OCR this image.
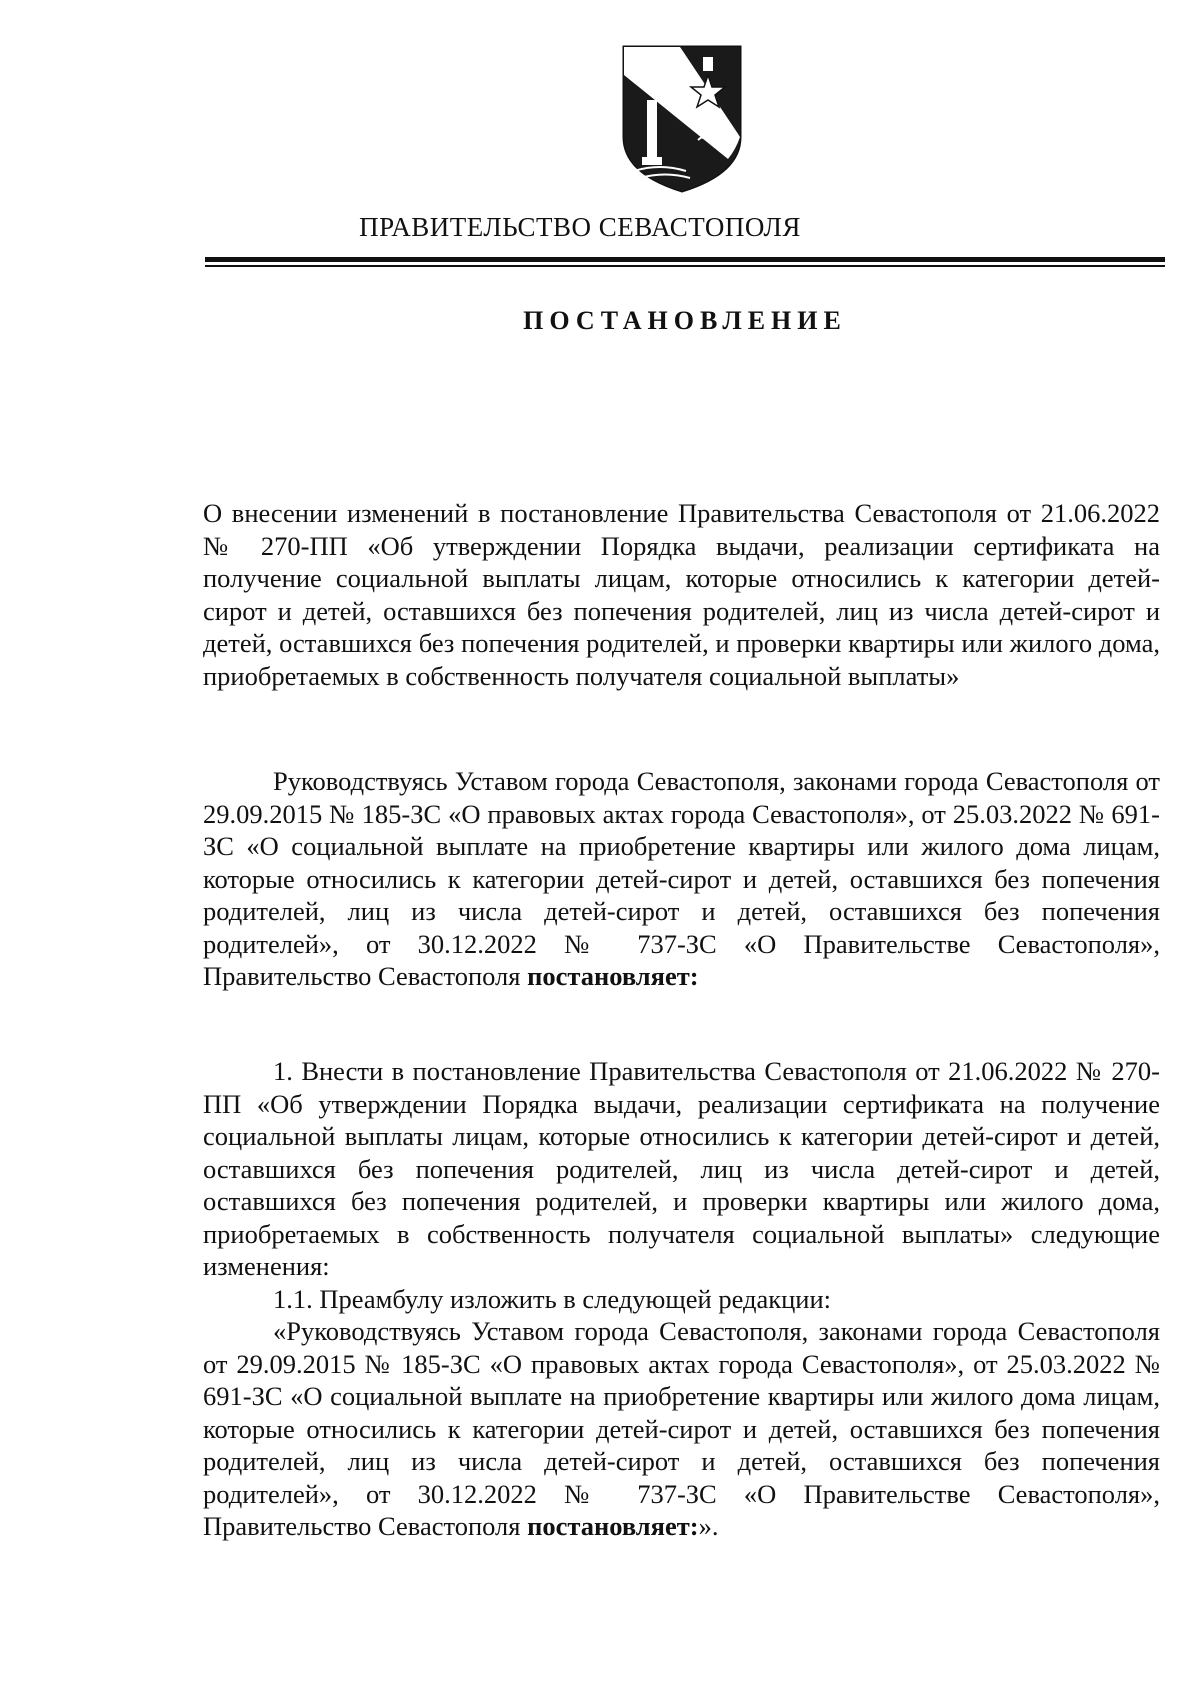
ПРАВИТЕЛЬСТВО СЕВАСТОПОЛЯ
ПОСТАНОВЛЕНИЕ

О внесении изменений в постановление Правительства Севастополя от 21.06.2022 № 270-ПП «Об утверждении Порядка выдачи, реализации сертификата на получение социальной выплаты лицам, которые относились к категории детей-сирот и детей, оставшихся без попечения родителей, лиц из числа детей-сирот и детей, оставшихся без попечения родителей, и проверки квартиры или жилого дома, приобретаемых в собственность получателя социальной выплаты»

Руководствуясь Уставом города Севастополя, законами города Севастополя от 29.09.2015 № 185-ЗС «О правовых актах города Севастополя», от 25.03.2022 № 691-ЗС «О социальной выплате на приобретение квартиры или жилого дома лицам, которые относились к категории детей-сирот и детей, оставшихся без попечения родителей, лиц из числа детей-сирот и детей, оставшихся без попечения родителей», от 30.12.2022 № 737-ЗС «О Правительстве Севастополя», Правительство Севастополя постановляет:

1. Внести в постановление Правительства Севастополя от 21.06.2022 № 270-ПП «Об утверждении Порядка выдачи, реализации сертификата на получение социальной выплаты лицам, которые относились к категории детей-сирот и детей, оставшихся без попечения родителей, лиц из числа детей-сирот и детей, оставшихся без попечения родителей, и проверки квартиры или жилого дома, приобретаемых в собственность получателя социальной выплаты» следующие изменения:

1.1. Преамбулу изложить в следующей редакции:

«Руководствуясь Уставом города Севастополя, законами города Севастополя от 29.09.2015 № 185-ЗС «О правовых актах города Севастополя», от 25.03.2022 № 691-ЗС «О социальной выплате на приобретение квартиры или жилого дома лицам, которые относились к категории детей-сирот и детей, оставшихся без попечения родителей, лиц из числа детей-сирот и детей, оставшихся без попечения родителей», от 30.12.2022 № 737-ЗС «О Правительстве Севастополя», Правительство Севастополя постановляет:».
